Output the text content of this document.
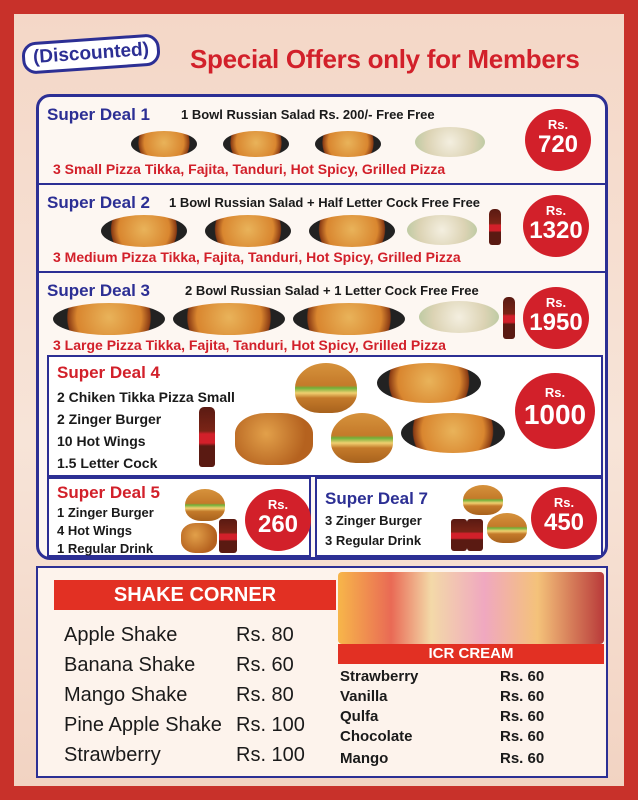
(Discounted)	Special Offers only for Members
Super Deal 1 1 Bowl Russian Salad Rs. 200/- Free Free
3 Small Pizza Tikka, Fajita, Tanduri, Hot Spicy, Grilled Pizza
Rs.
720
Super Deal 2 1 Bowl Russian Salad + Half Letter Cock Free Free
3 Medium Pizza Tikka, Fajita, Tanduri, Hot Spicy, Grilled Pizza
Rs.
1320
Super Deal 3	2 Bowl Russian Salad + 1 Letter Cock Free Free
3 Large Pizza Tikka, Fajita, Tanduri, Hot Spicy, Grilled Pizza
Rs.
1950
Super Deal 4
2 Chiken Tikka Pizza Small
2 Zinger Burger
10 Hot Wings
1.5 Letter Cock
Rs.
1000
Super Deal 5
1 Zinger Burger
4 Hot Wings
1 Regular Drink
Rs.
260
Super Deal 7
3 Zinger Burger
3 Regular Drink
Rs.
450
SHAKE CORNER
Apple Shake	Rs. 80
Banana Shake Rs. 60
Mango Shake Rs. 80
Pine Apple Shake Rs. 100
Strawberry	Rs. 100
ICR CREAM
Strawberry	Rs. 60
Vanilla	Rs. 60
Qulfa	Rs. 60
Chocolate	Rs. 60
Mango	Rs. 60
